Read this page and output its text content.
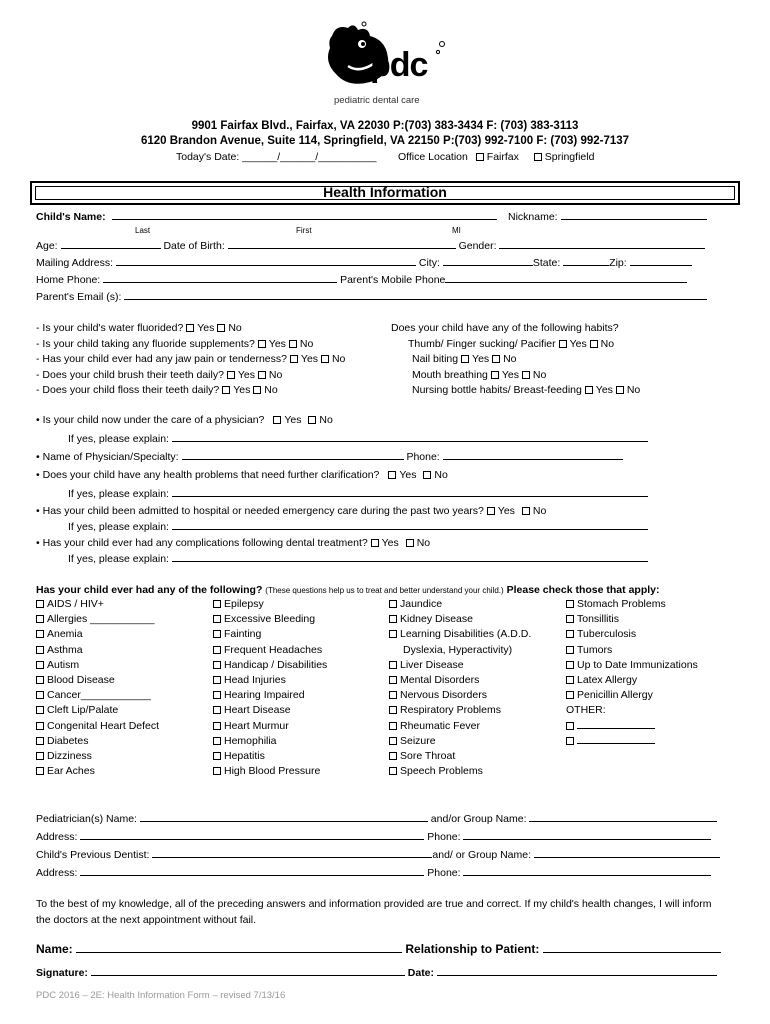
pdc
pediatric dental care
9901 Fairfax Blvd., Fairfax, VA 22030 P:(703) 383-3434 F: (703) 383-3113
6120 Brandon Avenue, Suite 114, Springfield, VA 22150 P:(703) 992-7100 F: (703) 992-7137
Today's Date: ______/______/__________ Office Location Fairfax Springfield
Health Information
Child's Name:	Nickname:
Last	First	MI
Age:	Date of Birth:	Gender:
Mailing Address:	City:	State:	Zip:
Home Phone:	Parent's Mobile Phone
Parent's Email (s):
- Is your child's water fluorided? Yes No
- Is your child taking any fluoride supplements? Yes No
- Has your child ever had any jaw pain or tenderness? Yes No
- Does your child brush their teeth daily? Yes No
- Does your child floss their teeth daily? Yes No
Does your child have any of the following habits?
Thumb/ Finger sucking/ Pacifier Yes No
Nail biting Yes No
Mouth breathing Yes No
Nursing bottle habits/ Breast-feeding Yes No
• Is your child now under the care of a physician? Yes No
If yes, please explain:
• Name of Physician/Specialty:	Phone:
• Does your child have any health problems that need further clarification? Yes No
If yes, please explain:
• Has your child been admitted to hospital or needed emergency care during the past two years? Yes No
If yes, please explain:
• Has your child ever had any complications following dental treatment? Yes No
If yes, please explain:
Has your child ever had any of the following? (These questions help us to treat and better understand your child.) Please check those that apply:
AIDS / HIV+
Allergies ___________
Anemia
Asthma
Autism
Blood Disease
Cancer____________
Cleft Lip/Palate
Congenital Heart Defect
Diabetes
Dizziness
Ear Aches
Epilepsy
Excessive Bleeding
Fainting
Frequent Headaches
Handicap / Disabilities
Head Injuries
Hearing Impaired
Heart Disease
Heart Murmur
Hemophilia
Hepatitis
High Blood Pressure
Jaundice
Kidney Disease
Learning Disabilities (A.D.D.
Dyslexia, Hyperactivity)
Liver Disease
Mental Disorders
Nervous Disorders
Respiratory Problems
Rheumatic Fever
Seizure
Sore Throat
Speech Problems
Stomach Problems
Tonsillitis
Tuberculosis
Tumors
Up to Date Immunizations
Latex Allergy
Penicillin Allergy
OTHER:
Pediatrician(s) Name:	and/or Group Name:
Address:	Phone:
Child's Previous Dentist:	and/ or Group Name:
Address:	Phone:
To the best of my knowledge, all of the preceding answers and information provided are true and correct. If my child's health changes, I will inform the doctors at the next appointment without fail.
Name:	Relationship to Patient:
Signature:	Date:
PDC 2016 – 2E: Health Information Form – revised 7/13/16
